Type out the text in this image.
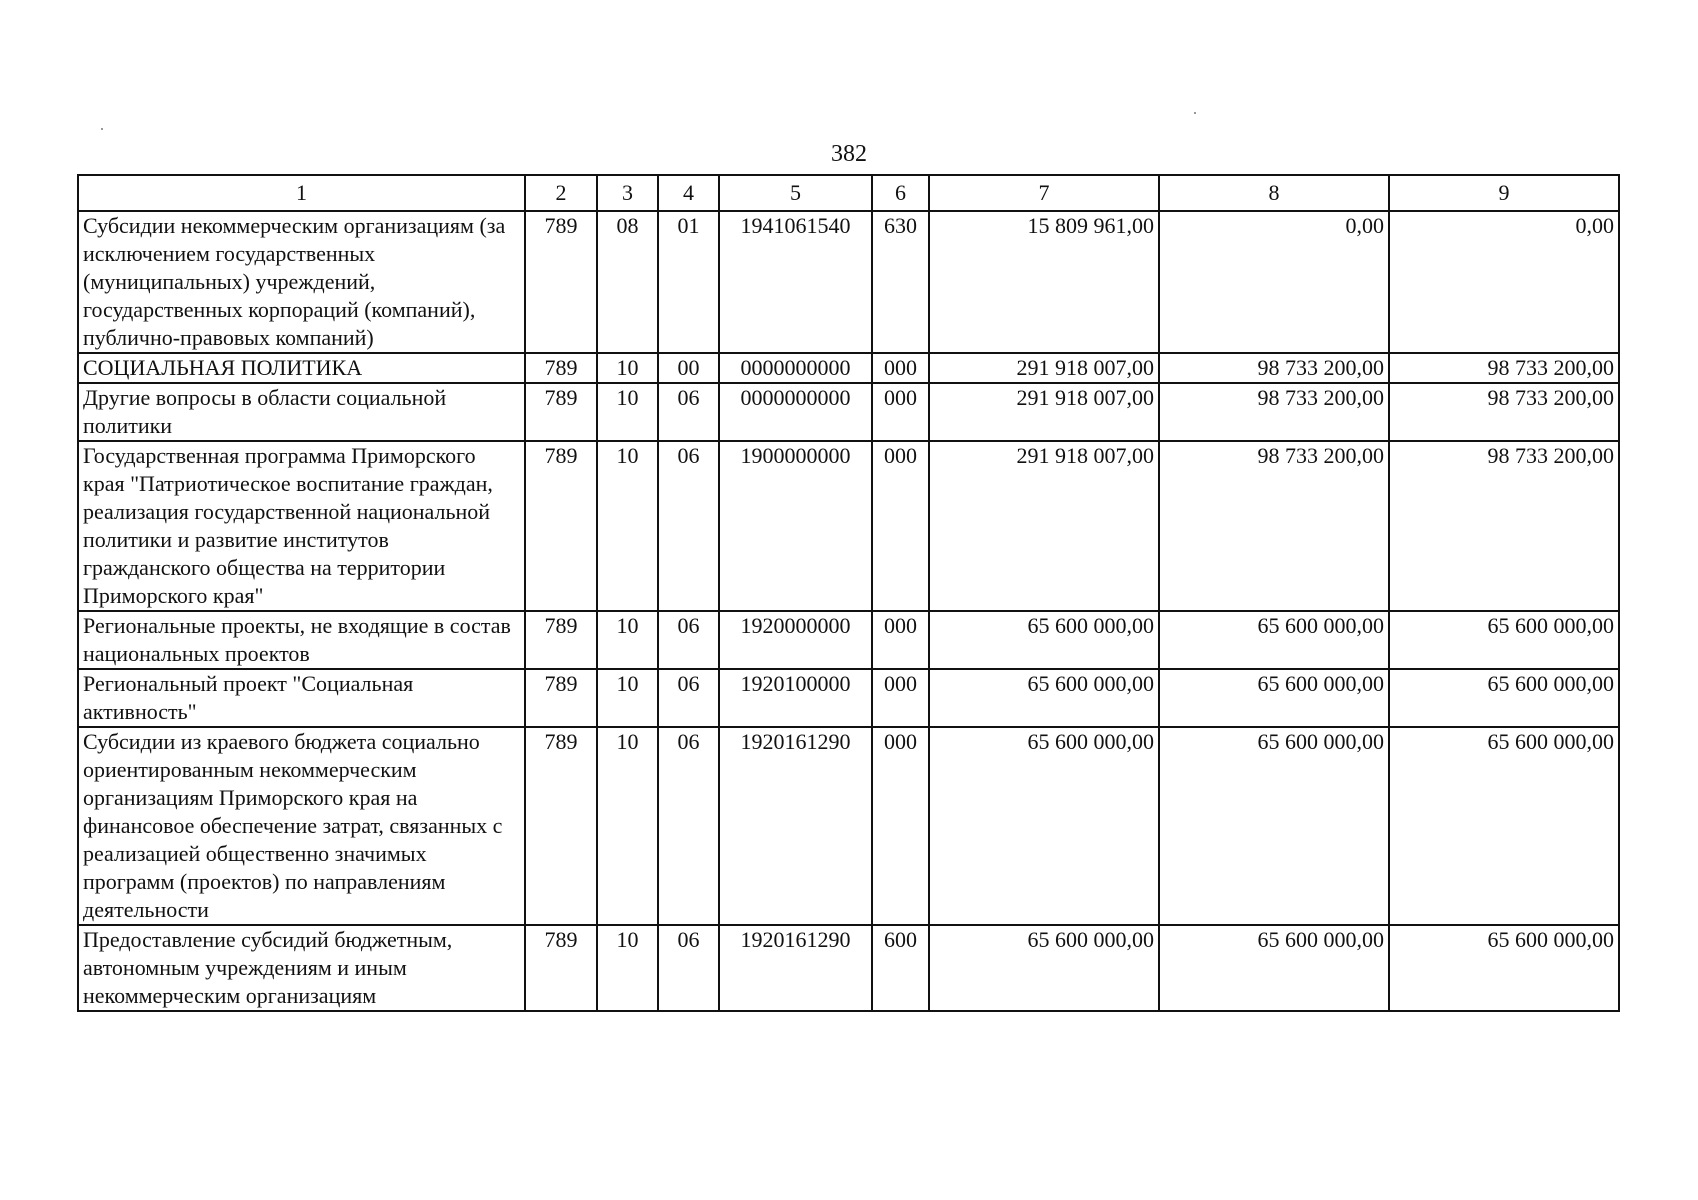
382
1	2	3	4	5	6	7	8	9
Субсидии некоммерческим организациям (за исключением государственных (муниципальных) учреждений, государственных корпораций (компаний), публично-правовых компаний)	789	08	01	1941061540	630	15 809 961,00	0,00	0,00
СОЦИАЛЬНАЯ ПОЛИТИКА	789	10	00	0000000000	000	291 918 007,00	98 733 200,00	98 733 200,00
Другие вопросы в области социальной политики	789	10	06	0000000000	000	291 918 007,00	98 733 200,00	98 733 200,00
Государственная программа Приморского края "Патриотическое воспитание граждан, реализация государственной национальной политики и развитие институтов гражданского общества на территории Приморского края"	789	10	06	1900000000	000	291 918 007,00	98 733 200,00	98 733 200,00
Региональные проекты, не входящие в состав национальных проектов	789	10	06	1920000000	000	65 600 000,00	65 600 000,00	65 600 000,00
Региональный проект "Социальная активность"	789	10	06	1920100000	000	65 600 000,00	65 600 000,00	65 600 000,00
Субсидии из краевого бюджета социально ориентированным некоммерческим организациям Приморского края на финансовое обеспечение затрат, связанных с реализацией общественно значимых программ (проектов) по направлениям деятельности	789	10	06	1920161290	000	65 600 000,00	65 600 000,00	65 600 000,00
Предоставление субсидий бюджетным, автономным учреждениям и иным некоммерческим организациям	789	10	06	1920161290	600	65 600 000,00	65 600 000,00	65 600 000,00
